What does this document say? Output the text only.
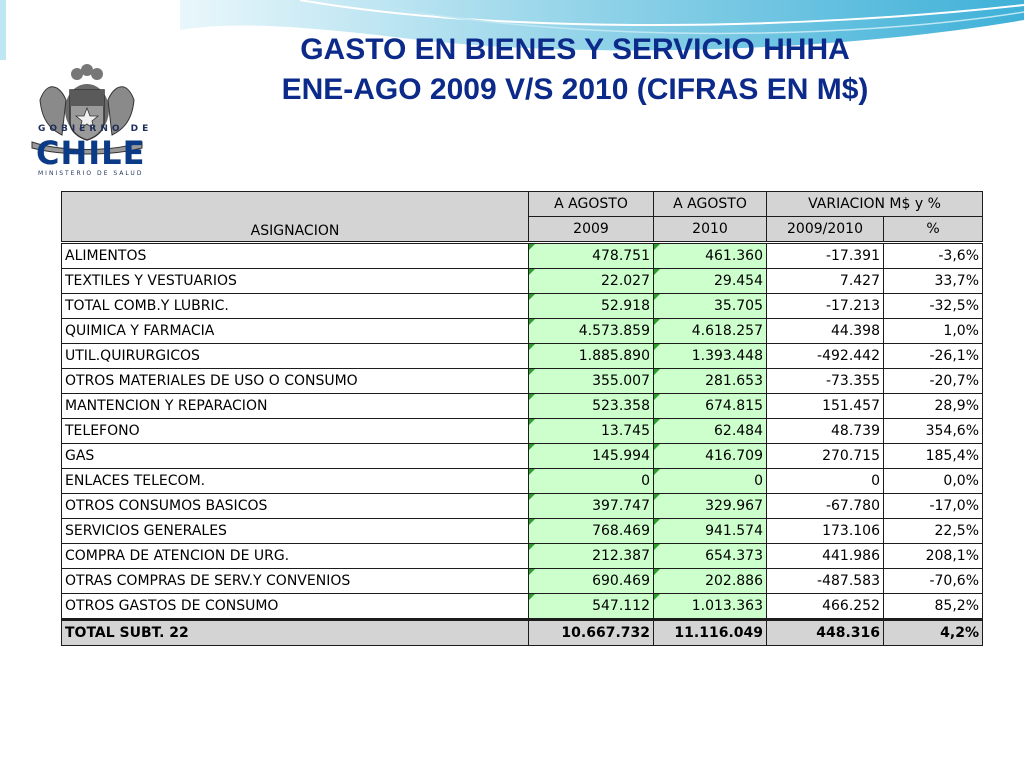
GOBIERNO DE
CHILE
MINISTERIO DE SALUD
GASTO EN BIENES Y SERVICIO HHHA
ENE-AGO 2009 V/S 2010 (CIFRAS EN M$)
ASIGNACION	A AGOSTO	A AGOSTO	VARIACION M$ y %	
	2009	2010	2009/2010	%
ALIMENTOS	478.751	461.360	-17.391	-3,6%
TEXTILES Y VESTUARIOS	22.027	29.454	7.427	33,7%
TOTAL COMB.Y LUBRIC.	52.918	35.705	-17.213	-32,5%
QUIMICA Y FARMACIA	4.573.859	4.618.257	44.398	1,0%
UTIL.QUIRURGICOS	1.885.890	1.393.448	-492.442	-26,1%
OTROS MATERIALES DE USO O CONSUMO	355.007	281.653	-73.355	-20,7%
MANTENCION Y REPARACION	523.358	674.815	151.457	28,9%
TELEFONO	13.745	62.484	48.739	354,6%
GAS	145.994	416.709	270.715	185,4%
ENLACES TELECOM.	0	0	0	0,0%
OTROS CONSUMOS BASICOS	397.747	329.967	-67.780	-17,0%
SERVICIOS GENERALES	768.469	941.574	173.106	22,5%
COMPRA DE ATENCION DE URG.	212.387	654.373	441.986	208,1%
OTRAS COMPRAS DE SERV.Y CONVENIOS	690.469	202.886	-487.583	-70,6%
OTROS GASTOS DE CONSUMO	547.112	1.013.363	466.252	85,2%
TOTAL SUBT. 22	10.667.732	11.116.049	448.316	4,2%
